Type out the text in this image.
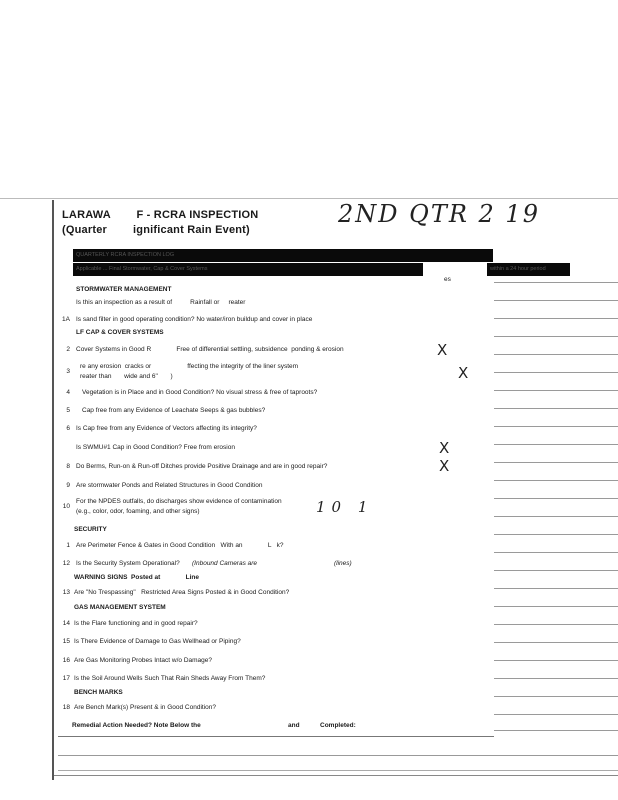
LARAWA        F - RCRA INSPECTION
(Quarter        ignificant Rain Event)
2ND QTR 2 19
QUARTERLY RCRA INSPECTION LOG
Applicable ... Final Stormwater, Cap & Cover Systems	within a 24 hour period
es
STORMWATER MANAGEMENT
Is this an inspection as a result of          Rainfall or     reater
1A Is sand filter in good operating condition? No water/iron buildup and cover in place
LF CAP & COVER SYSTEMS
2 Cover Systems in Good R              Free of differential settling, subsidence  ponding & erosion	X
3
re any erosion  cracks or                    ffecting the integrity of the liner system
reater than       wide and 6"       )	X
4 Vegetation is in Place and in Good Condition? No visual stress & free of taproots?
5 Cap free from any Evidence of Leachate Seeps & gas bubbles?
6 Is Cap free from any Evidence of Vectors affecting its integrity?
Is SWMU#1 Cap in Good Condition? Free from erosion	X
8 Do Berms, Run-on & Run-off Ditches provide Positive Drainage and are in good repair?	X
9 Are stormwater Ponds and Related Structures in Good Condition
10
For the NPDES outfalls, do discharges show evidence of contamination
(e.g., color, odor, foaming, and other signs)	10 1
SECURITY
1 Are Perimeter Fence & Gates in Good Condition   With an              L   k?
12 Is the Security System Operational? (Inbound Cameras are	(lines)
WARNING SIGNS  Posted at              Line
13 Are "No Trespassing"   Restricted Area Signs Posted & in Good Condition?
GAS MANAGEMENT SYSTEM
14 Is the Flare functioning and in good repair?
15 Is There Evidence of Damage to Gas Wellhead or Piping?
16 Are Gas Monitoring Probes Intact w/o Damage?
17 Is the Soil Around Wells Such That Rain Sheds Away From Them?
BENCH MARKS
18 Are Bench Mark(s) Present & in Good Condition?
Remedial Action Needed? Note Below the	and	Completed:
